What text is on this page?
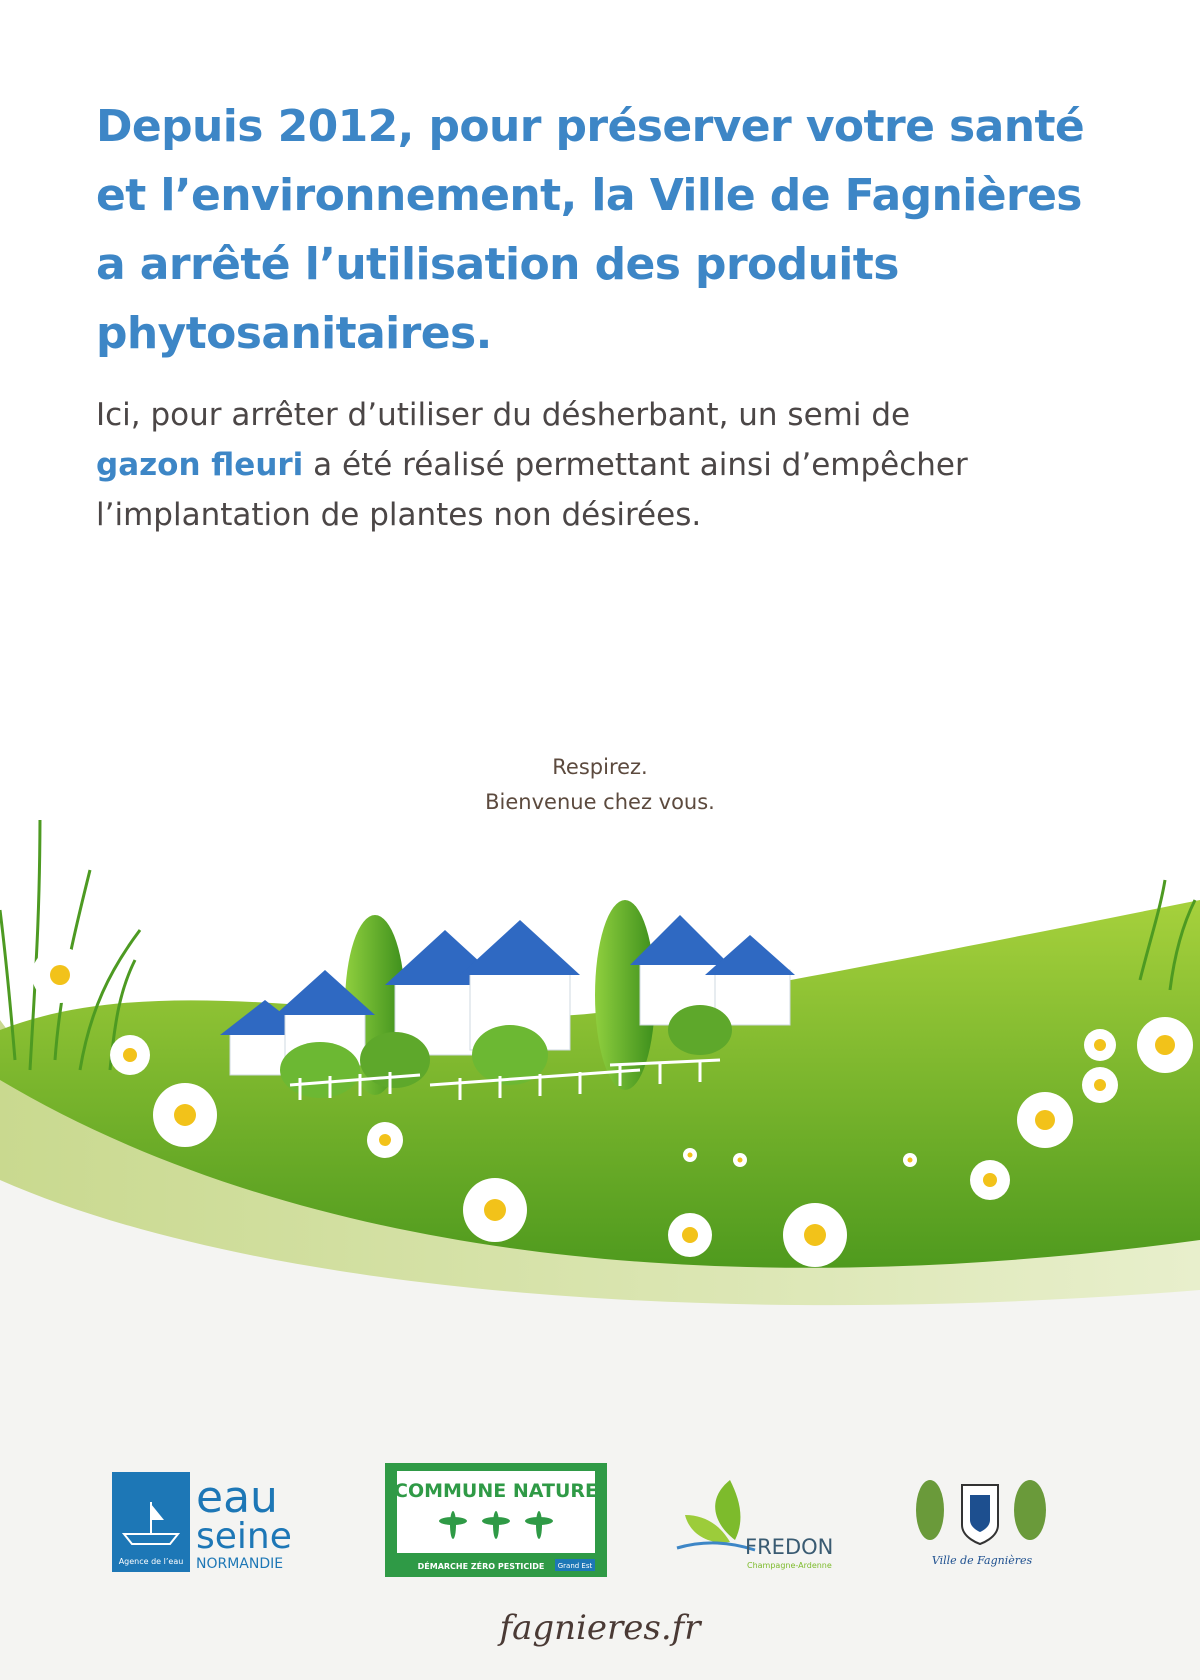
Depuis 2012, pour préserver votre santé
et l’environnement, la Ville de Fagnières
a arrêté l’utilisation des produits
phytosanitaires.

Ici, pour arrêter d’utiliser du désherbant, un semi de
gazon fleuri a été réalisé permettant ainsi d’empêcher
l’implantation de plantes non désirées.

Respirez.
Bienvenue chez vous.

Agence de l’eau
eau
seine
NORMANDIE
COMMUNE NATURE
DÉMARCHE ZÉRO PESTICIDE Grand Est
FREDON
Champagne-Ardenne	Ville de Fagnières

fagnieres.fr
